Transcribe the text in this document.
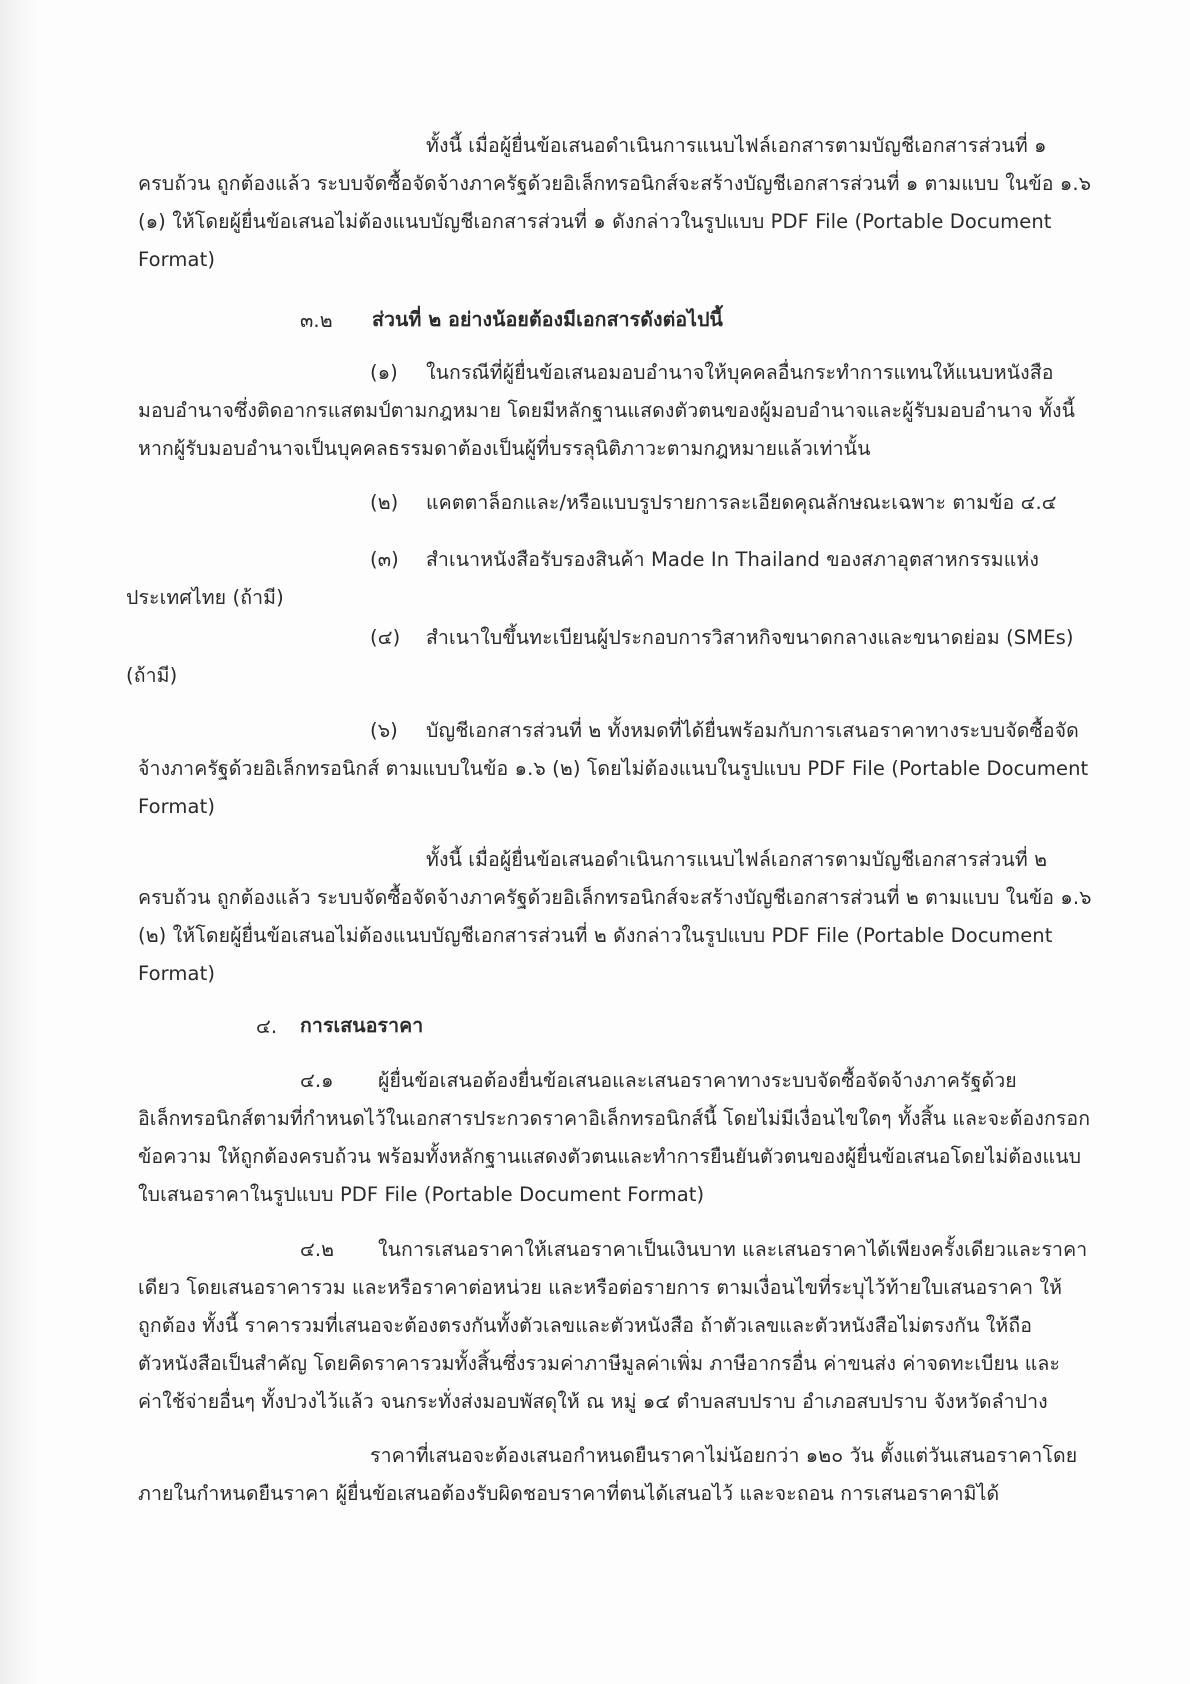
ทั้งนี้ เมื่อผู้ยื่นข้อเสนอดำเนินการแนบไฟล์เอกสารตามบัญชีเอกสารส่วนที่ ๑
ครบถ้วน ถูกต้องแล้ว ระบบจัดซื้อจัดจ้างภาครัฐด้วยอิเล็กทรอนิกส์จะสร้างบัญชีเอกสารส่วนที่ ๑ ตามแบบ ในข้อ ๑.๖
(๑) ให้โดยผู้ยื่นข้อเสนอไม่ต้องแนบบัญชีเอกสารส่วนที่ ๑ ดังกล่าวในรูปแบบ PDF File (Portable Document
Format)
๓.๒ ส่วนที่ ๒ อย่างน้อยต้องมีเอกสารดังต่อไปนี้
(๑) ในกรณีที่ผู้ยื่นข้อเสนอมอบอำนาจให้บุคคลอื่นกระทำการแทนให้แนบหนังสือ
มอบอำนาจซึ่งติดอากรแสตมป์ตามกฎหมาย โดยมีหลักฐานแสดงตัวตนของผู้มอบอำนาจและผู้รับมอบอำนาจ ทั้งนี้
หากผู้รับมอบอำนาจเป็นบุคคลธรรมดาต้องเป็นผู้ที่บรรลุนิติภาวะตามกฎหมายแล้วเท่านั้น
(๒) แคตตาล็อกและ/หรือแบบรูปรายการละเอียดคุณลักษณะเฉพาะ ตามข้อ ๔.๔
(๓) สำเนาหนังสือรับรองสินค้า Made In Thailand ของสภาอุตสาหกรรมแห่ง
ประเทศไทย (ถ้ามี)
(๔) สำเนาใบขึ้นทะเบียนผู้ประกอบการวิสาหกิจขนาดกลางและขนาดย่อม (SMEs)
(ถ้ามี)
(๖) บัญชีเอกสารส่วนที่ ๒ ทั้งหมดที่ได้ยื่นพร้อมกับการเสนอราคาทางระบบจัดซื้อจัด
จ้างภาครัฐด้วยอิเล็กทรอนิกส์ ตามแบบในข้อ ๑.๖ (๒) โดยไม่ต้องแนบในรูปแบบ PDF File (Portable Document
Format)
ทั้งนี้ เมื่อผู้ยื่นข้อเสนอดำเนินการแนบไฟล์เอกสารตามบัญชีเอกสารส่วนที่ ๒
ครบถ้วน ถูกต้องแล้ว ระบบจัดซื้อจัดจ้างภาครัฐด้วยอิเล็กทรอนิกส์จะสร้างบัญชีเอกสารส่วนที่ ๒ ตามแบบ ในข้อ ๑.๖
(๒) ให้โดยผู้ยื่นข้อเสนอไม่ต้องแนบบัญชีเอกสารส่วนที่ ๒ ดังกล่าวในรูปแบบ PDF File (Portable Document
Format)
๔. การเสนอราคา
๔.๑ ผู้ยื่นข้อเสนอต้องยื่นข้อเสนอและเสนอราคาทางระบบจัดซื้อจัดจ้างภาครัฐด้วย
อิเล็กทรอนิกส์ตามที่กำหนดไว้ในเอกสารประกวดราคาอิเล็กทรอนิกส์นี้ โดยไม่มีเงื่อนไขใดๆ ทั้งสิ้น และจะต้องกรอก
ข้อความ ให้ถูกต้องครบถ้วน พร้อมทั้งหลักฐานแสดงตัวตนและทำการยืนยันตัวตนของผู้ยื่นข้อเสนอโดยไม่ต้องแนบ
ใบเสนอราคาในรูปแบบ PDF File (Portable Document Format)
๔.๒ ในการเสนอราคาให้เสนอราคาเป็นเงินบาท และเสนอราคาได้เพียงครั้งเดียวและราคา
เดียว โดยเสนอราคารวม และหรือราคาต่อหน่วย และหรือต่อรายการ ตามเงื่อนไขที่ระบุไว้ท้ายใบเสนอราคา ให้
ถูกต้อง ทั้งนี้ ราคารวมที่เสนอจะต้องตรงกันทั้งตัวเลขและตัวหนังสือ ถ้าตัวเลขและตัวหนังสือไม่ตรงกัน ให้ถือ
ตัวหนังสือเป็นสำคัญ โดยคิดราคารวมทั้งสิ้นซึ่งรวมค่าภาษีมูลค่าเพิ่ม ภาษีอากรอื่น ค่าขนส่ง ค่าจดทะเบียน และ
ค่าใช้จ่ายอื่นๆ ทั้งปวงไว้แล้ว จนกระทั่งส่งมอบพัสดุให้ ณ หมู่ ๑๔ ตำบลสบปราบ อำเภอสบปราบ จังหวัดลำปาง
ราคาที่เสนอจะต้องเสนอกำหนดยืนราคาไม่น้อยกว่า ๑๒๐ วัน ตั้งแต่วันเสนอราคาโดย
ภายในกำหนดยืนราคา ผู้ยื่นข้อเสนอต้องรับผิดชอบราคาที่ตนได้เสนอไว้ และจะถอน การเสนอราคามิได้
